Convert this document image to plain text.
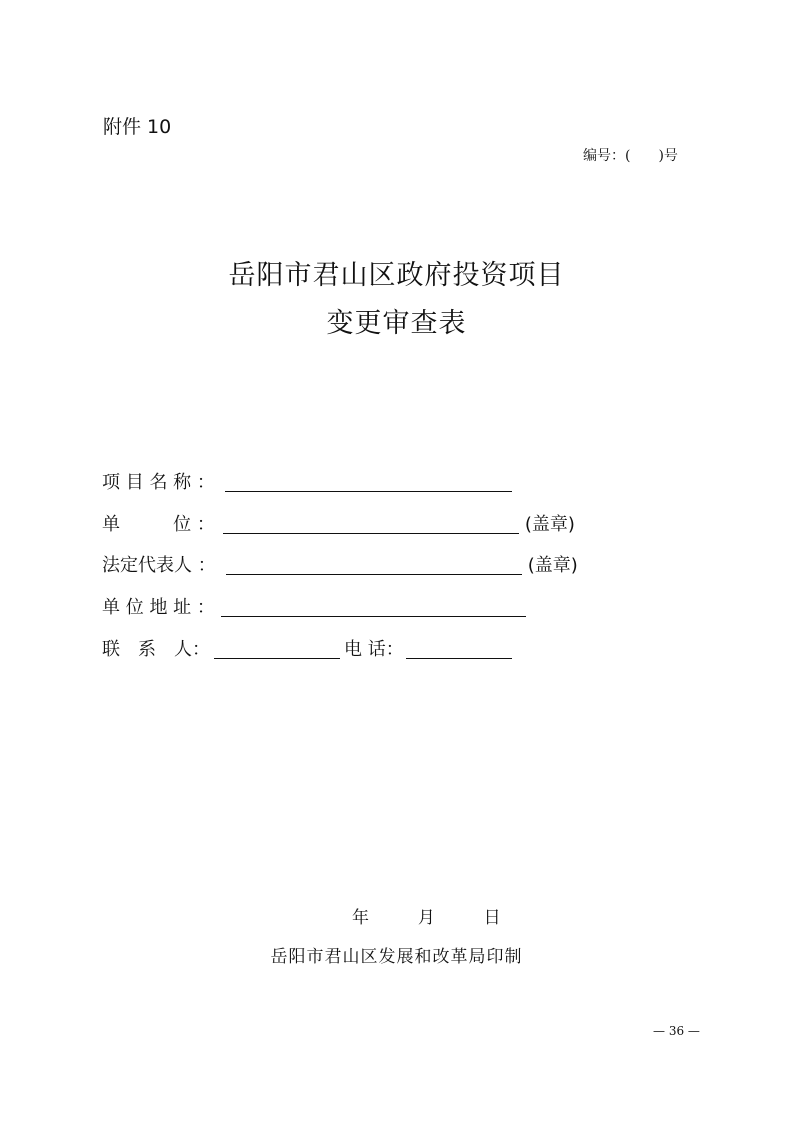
附件 10
编号：(　　)号
岳阳市君山区政府投资项目
变更审查表
项 目 名 称 ：
单 　 　 位 ：	(盖章)
法定代表人 ：	(盖章)
单 位 地 址 ：
联　系　人：	电 话：
年	月	日
岳阳市君山区发展和改革局印制
— 36 —
